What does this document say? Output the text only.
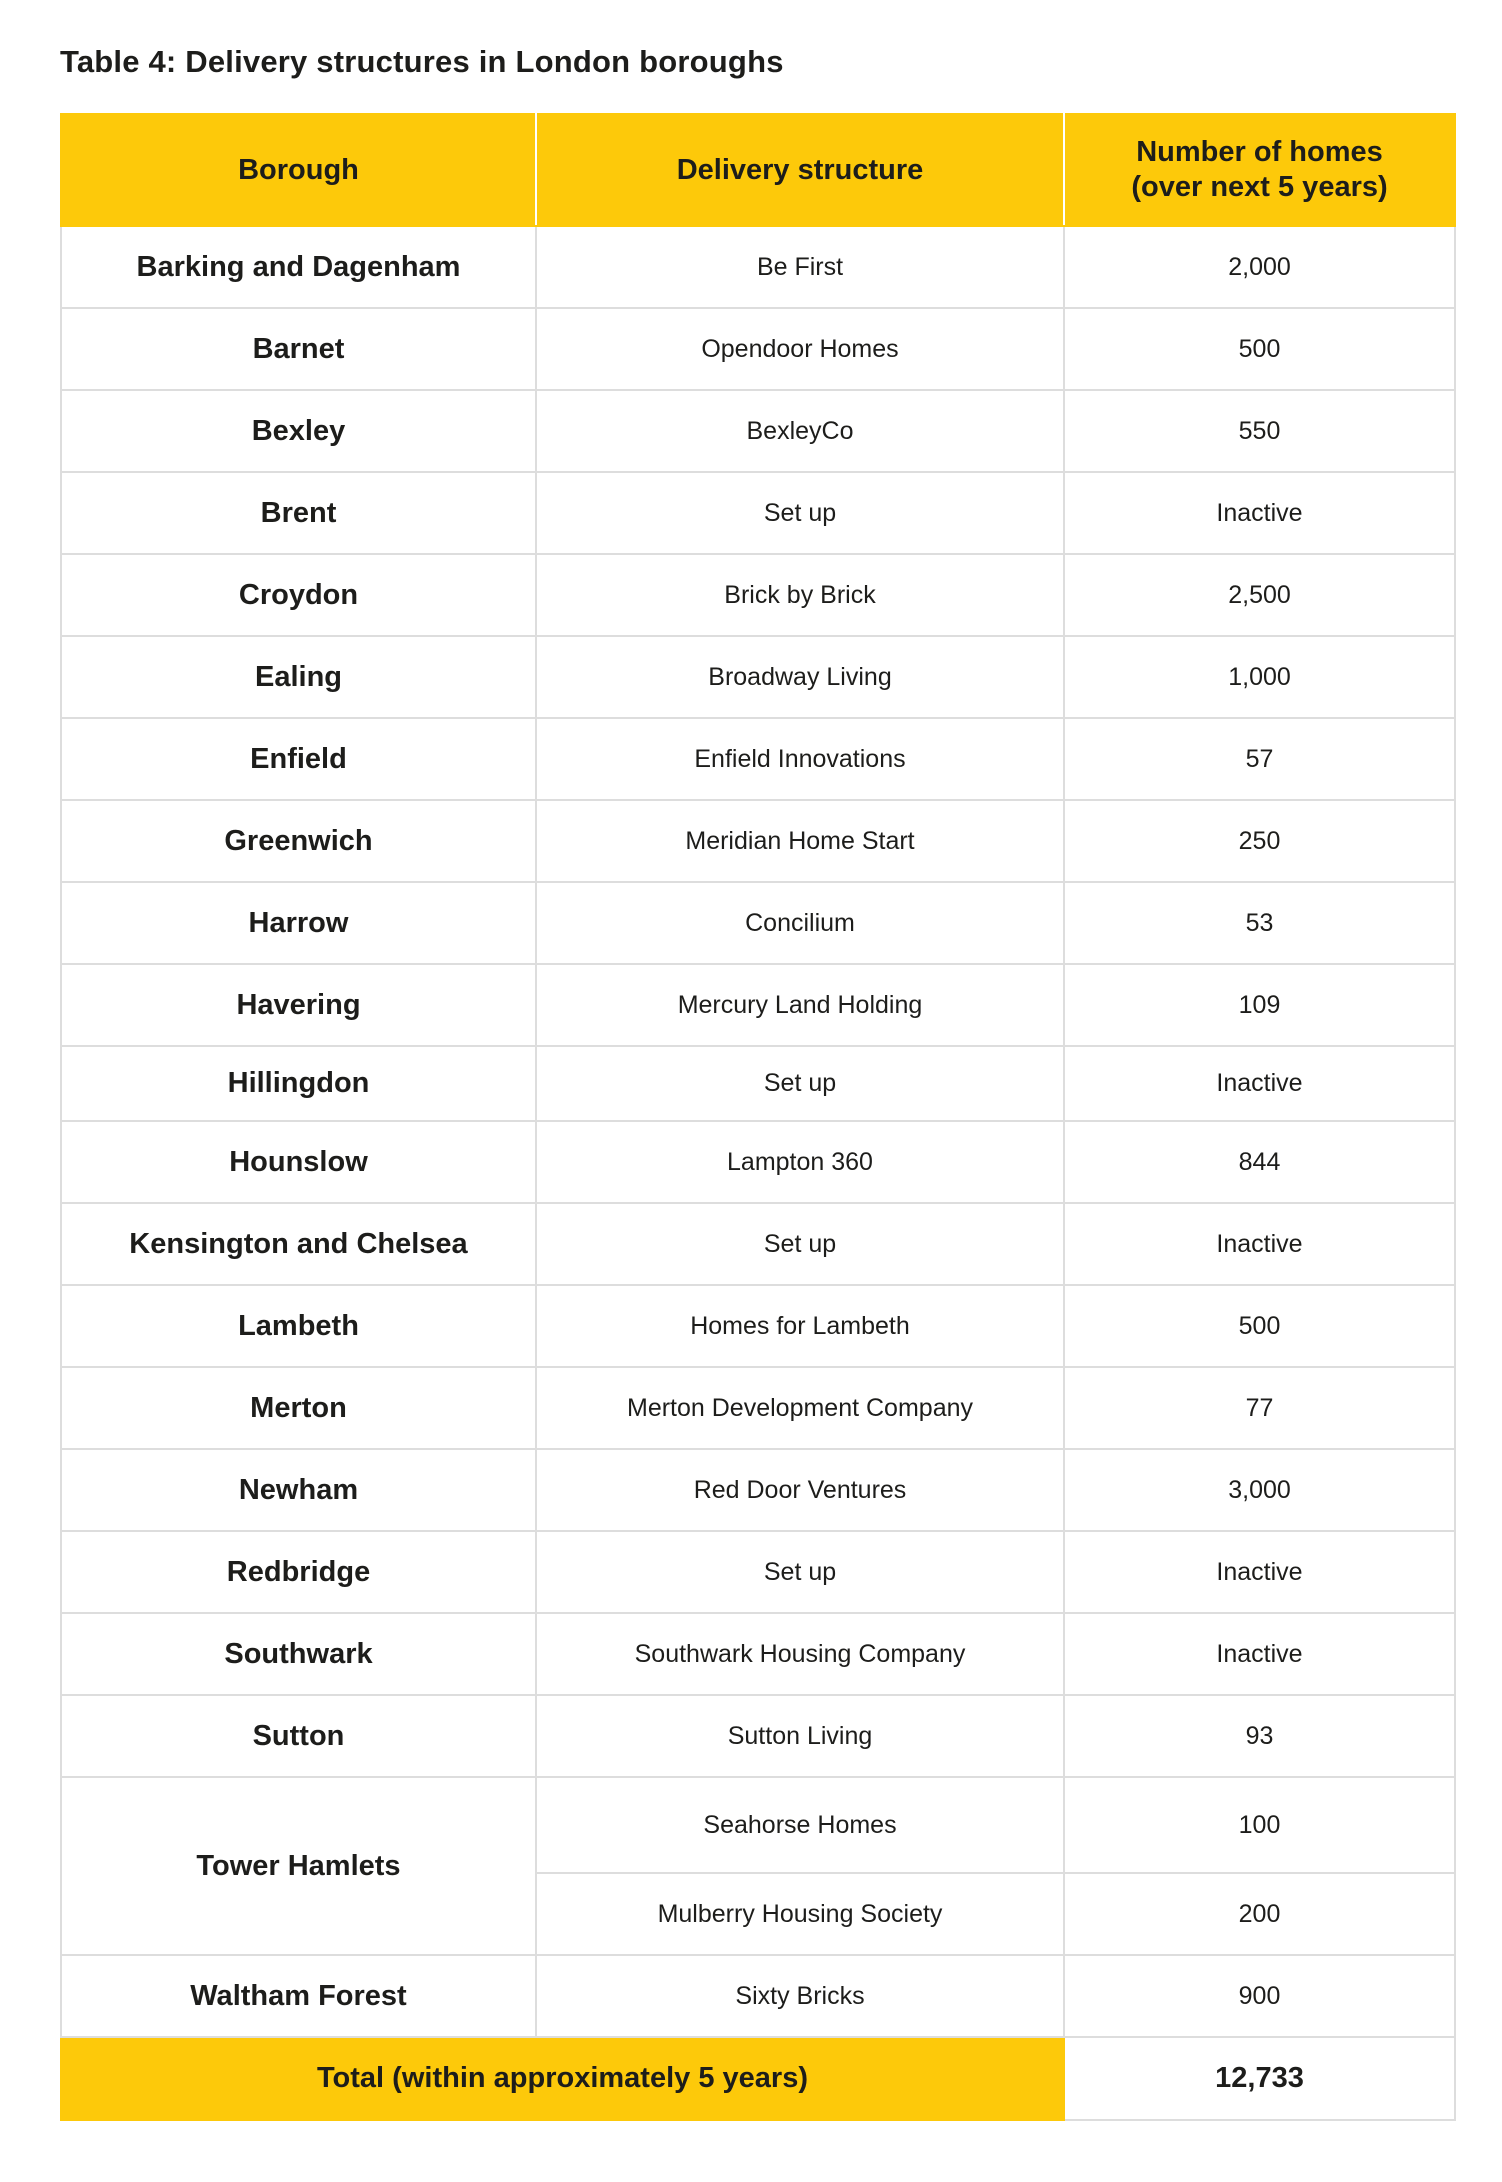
Table 4: Delivery structures in London boroughs
Borough	Delivery structure	Number of homes
(over next 5 years)
Barking and Dagenham	Be First	2,000
Barnet	Opendoor Homes	500
Bexley	BexleyCo	550
Brent	Set up	Inactive
Croydon	Brick by Brick	2,500
Ealing	Broadway Living	1,000
Enfield	Enfield Innovations	57
Greenwich	Meridian Home Start	250
Harrow	Concilium	53
Havering	Mercury Land Holding	109
Hillingdon	Set up	Inactive
Hounslow	Lampton 360	844
Kensington and Chelsea	Set up	Inactive
Lambeth	Homes for Lambeth	500
Merton	Merton Development Company	77
Newham	Red Door Ventures	3,000
Redbridge	Set up	Inactive
Southwark	Southwark Housing Company	Inactive
Sutton	Sutton Living	93
Tower Hamlets	Seahorse Homes	100
	Mulberry Housing Society	200
Waltham Forest	Sixty Bricks	900
Total (within approximately 5 years)		12,733
